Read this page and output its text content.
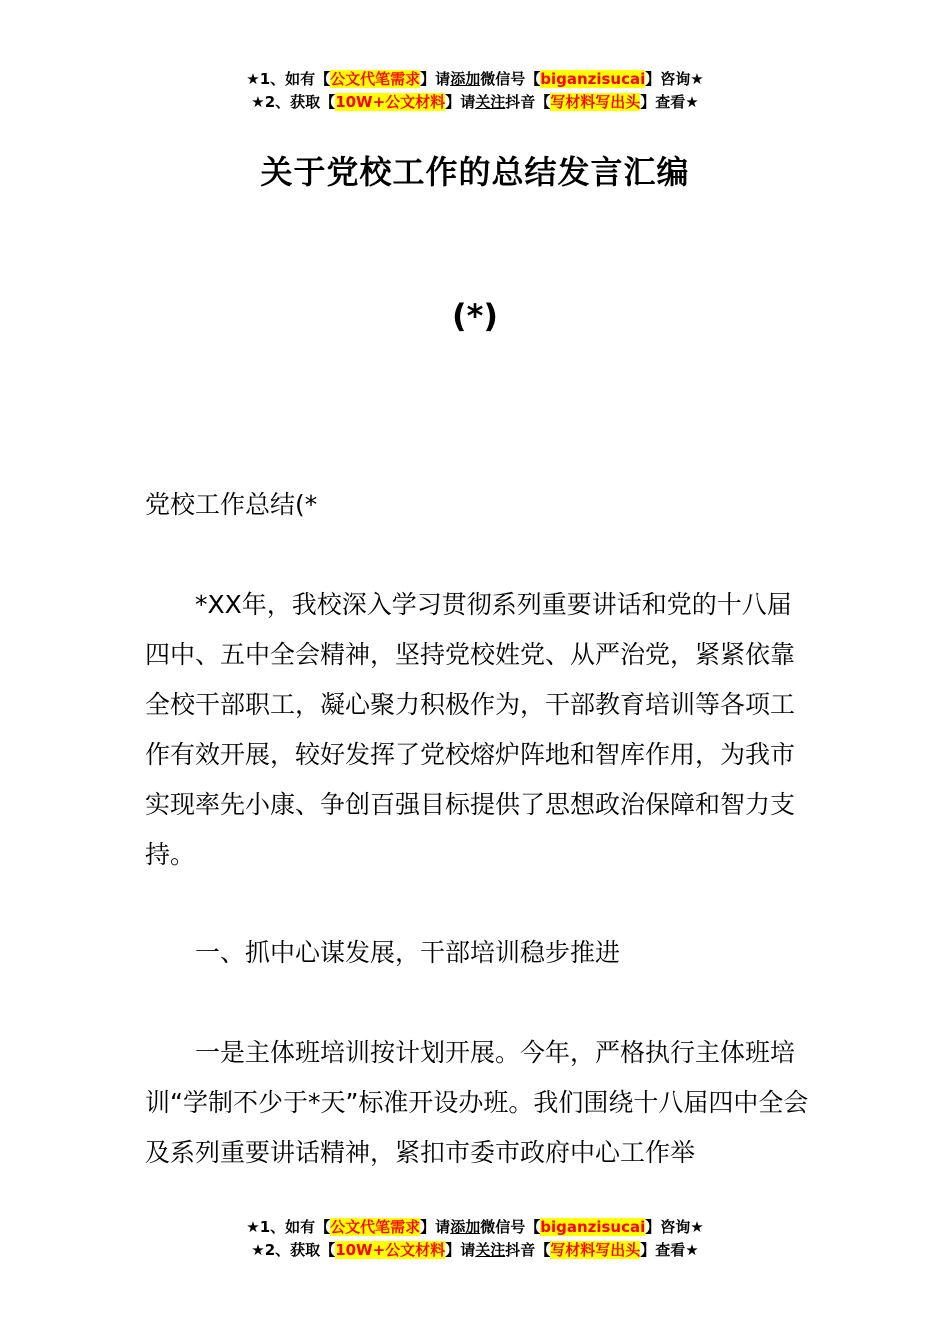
★1、如有【公文代笔需求】请添加微信号【biganzisucai】咨询★
★2、获取【10W+公文材料】请关注抖音【写材料写出头】查看★
关于党校工作的总结发言汇编
(*)
党校工作总结(*
*XX年，我校深入学习贯彻系列重要讲话和党的十八届四中、五中全会精神，坚持党校姓党、从严治党，紧紧依靠全校干部职工，凝心聚力积极作为，干部教育培训等各项工作有效开展，较好发挥了党校熔炉阵地和智库作用，为我市实现率先小康、争创百强目标提供了思想政治保障和智力支持。
一、抓中心谋发展，干部培训稳步推进
一是主体班培训按计划开展。今年，严格执行主体班培训“学制不少于*天”标准开设办班。我们围绕十八届四中全会及系列重要讲话精神，紧扣市委市政府中心工作举
★1、如有【公文代笔需求】请添加微信号【biganzisucai】咨询★
★2、获取【10W+公文材料】请关注抖音【写材料写出头】查看★
